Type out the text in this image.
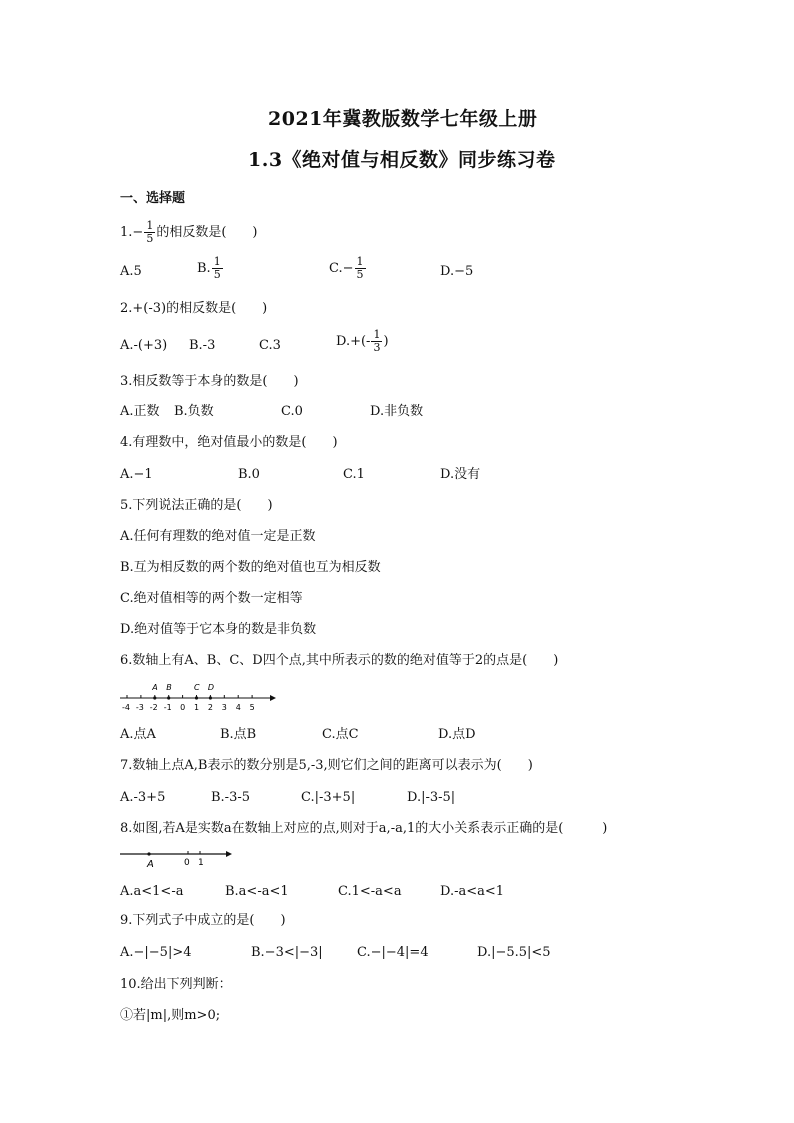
2021年冀教版数学七年级上册
1.3《绝对值与相反数》同步练习卷
一、选择题
$1.- \frac{1}{5}$ 的相反数是(　　)
A.5	B. $\frac{1}{5}$	$C.- \frac{1}{5}$	D.−5
2.+(-3)的相反数是(　　)
A.-(+3) B.-3	C.3	$D.+(- \frac{1}{3}$ )
3.相反数等于本身的数是(　　)
A.正数 B.负数	C.0	D.非负数
4.有理数中，绝对值最小的数是(　　)
A.−1	B.0	C.1	D.没有
5.下列说法正确的是(　　)
A.任何有理数的绝对值一定是正数
B.互为相反数的两个数的绝对值也互为相反数
C.绝对值相等的两个数一定相等
D.绝对值等于它本身的数是非负数
6.数轴上有A、B、C、D四个点,其中所表示的数的绝对值等于2的点是(　　)
-4 -3 -2 -1 0 1 2 3 4 5
A B	C D
A.点A	B.点B	C.点C	D.点D
7.数轴上点A,B表示的数分别是5,-3,则它们之间的距离可以表示为(　　)
A.-3+5	B.-3-5	C.|-3+5|	D.|-3-5|
8.如图,若A是实数a在数轴上对应的点,则对于a,-a,1的大小关系表示正确的是(　　　)
A	0 1
A.a<1<-a	B.a<-a<1	C.1<-a<a	D.-a<a<1
9.下列式子中成立的是(　　)
A.−|−5|>4	B.−3<|−3|	C.−|−4|=4	D.|−5.5|<5
10.给出下列判断：
①若|m|,则m>0;
